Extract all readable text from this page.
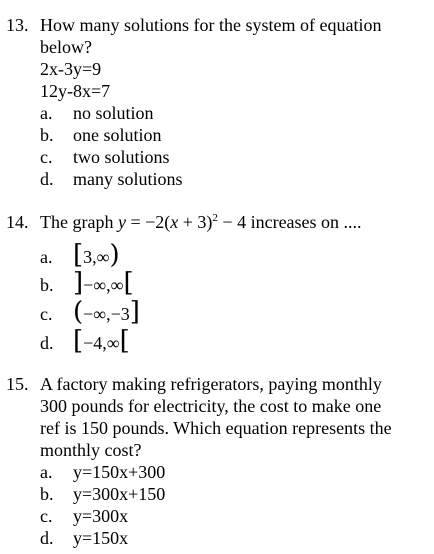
13. How many solutions for the system of equation below?
2x-3y=9
12y-8x=7
a. no solution
b. one solution
c. two solutions
d. many solutions
14. The graph $y = -2(x + 3)^2 - 4$ increases on ....
a. [3,∞)
b. ]−∞,∞[
c. (−∞,−3]
d. [−4,∞[
15. A factory making refrigerators, paying monthly 300 pounds for electricity, the cost to make one ref is 150 pounds. Which equation represents the monthly cost?
a. y=150x+300
b. y=300x+150
c. y=300x
d. y=150x
